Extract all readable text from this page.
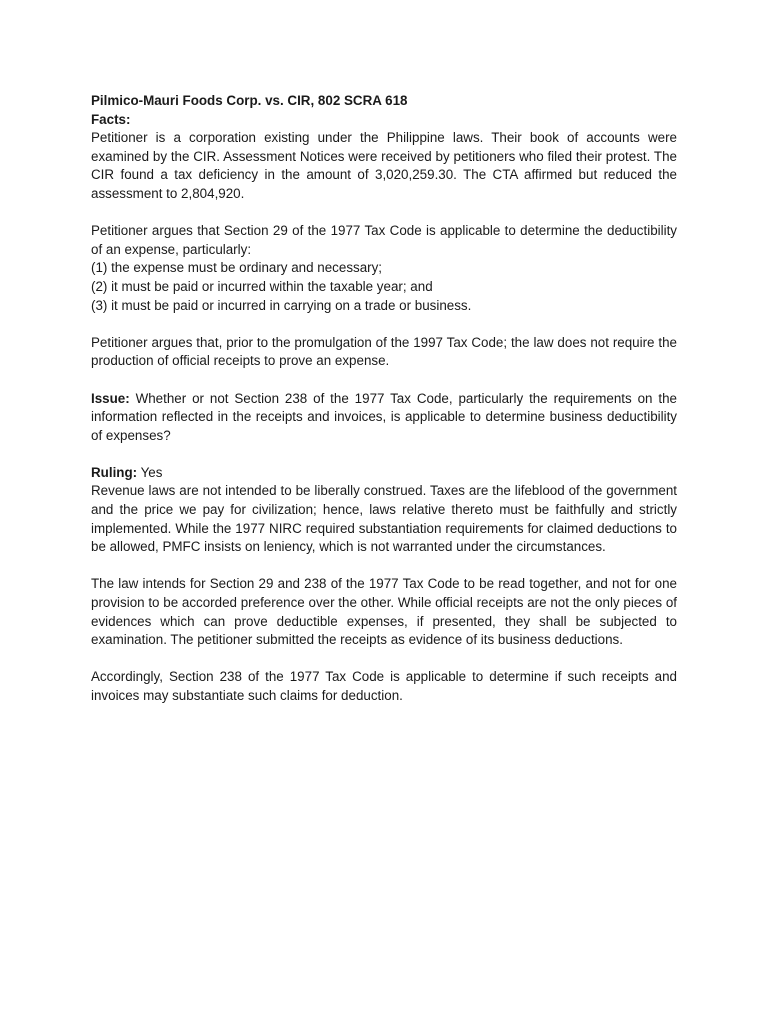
Pilmico-Mauri Foods Corp. vs. CIR, 802 SCRA 618

Facts:

Petitioner is a corporation existing under the Philippine laws. Their book of accounts were examined by the CIR. Assessment Notices were received by petitioners who filed their protest. The CIR found a tax deficiency in the amount of 3,020,259.30. The CTA affirmed but reduced the assessment to 2,804,920.

Petitioner argues that Section 29 of the 1977 Tax Code is applicable to determine the deductibility of an expense, particularly:

(1) the expense must be ordinary and necessary;

(2) it must be paid or incurred within the taxable year; and

(3) it must be paid or incurred in carrying on a trade or business.

Petitioner argues that, prior to the promulgation of the 1997 Tax Code; the law does not require the production of official receipts to prove an expense.

Issue: Whether or not Section 238 of the 1977 Tax Code, particularly the requirements on the information reflected in the receipts and invoices, is applicable to determine business deductibility of expenses?

Ruling: Yes

Revenue laws are not intended to be liberally construed. Taxes are the lifeblood of the government and the price we pay for civilization; hence, laws relative thereto must be faithfully and strictly implemented. While the 1977 NIRC required substantiation requirements for claimed deductions to be allowed, PMFC insists on leniency, which is not warranted under the circumstances.

The law intends for Section 29 and 238 of the 1977 Tax Code to be read together, and not for one provision to be accorded preference over the other. While official receipts are not the only pieces of evidences which can prove deductible expenses, if presented, they shall be subjected to examination. The petitioner submitted the receipts as evidence of its business deductions.

Accordingly, Section 238 of the 1977 Tax Code is applicable to determine if such receipts and invoices may substantiate such claims for deduction.
